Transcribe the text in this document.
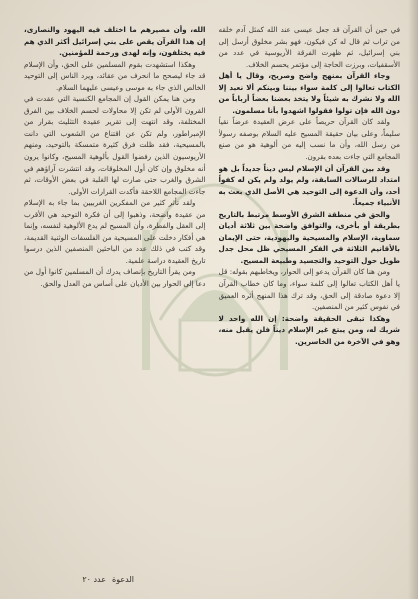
في حين أن القرآن قد جعل عيسى عند الله كمثل آدم خلقه من تراب ثم قال له كن فيكون، فهو بشر مخلوق أرسل إلى بني إسرائيل، ثم ظهرت الفرقة الأريوسية في عدد من الأسقفيات، وبرزت الحاجة إلى مؤتمر يحسم الخلاف.

وجاء القرآن بمنهج واضح وصريح، وقال يا أهل الكتاب تعالوا إلى كلمة سواء بيننا وبينكم ألا نعبد إلا الله ولا نشرك به شيئاً ولا يتخذ بعضنا بعضاً أرباباً من دون الله فإن تولوا فقولوا اشهدوا بأنا مسلمون.

ولقد كان القرآن حريصاً على عرض العقيدة عرضاً نقياً سليماً، وعلى بيان حقيقة المسيح عليه السلام بوصفه رسولاً من رسل الله، وأن ما نسب إليه من ألوهية هو من صنع المجامع التي جاءت بعده بقرون.

وقد بين القرآن أن الإسلام ليس ديناً جديداً بل هو امتداد للرسالات السابقة، ولم يولد ولم يكن له كفواً أحد، وأن الدعوة إلى التوحيد هي الأصل الذي بعث به الأنبياء جميعاً.

والحق في منطقة الشرق الأوسط مرتبط بالتاريخ بطريقة أو بأخرى، والتوافق واضحة بين ثلاثة أديان سماوية، الإسلام والمسيحية واليهودية، حتى الإيمان بالأقانيم الثلاثة في الفكر المسيحي ظل محل جدل طويل حول التوحيد والتجسيد وطبيعة المسيح.

ومن هنا كان القرآن يدعو إلى الحوار، ويخاطبهم بقوله: قل يا أهل الكتاب تعالوا إلى كلمة سواء، وما كان خطاب القرآن إلا دعوة صادقة إلى الحق، وقد ترك هذا المنهج أثره العميق في نفوس كثير من المنصفين.

وهكذا تبقى الحقيقة واضحة: إن الله واحد لا شريك له، ومن يبتغ غير الإسلام ديناً فلن يقبل منه، وهو في الآخرة من الخاسرين.

الله، وأن مصيرهم ما اختلف فيه اليهود والنصارى، إن هذا القرآن يقص على بني إسرائيل أكثر الذي هم فيه يختلفون، وإنه لهدى ورحمة للمؤمنين.

وهكذا استشهدت بقوم المسلمين على الحق، وأن الإسلام قد جاء ليصحح ما انحرف من عقائد، ويرد الناس إلى التوحيد الخالص الذي جاء به موسى وعيسى عليهما السلام.

ومن هنا يمكن القول إن المجامع الكنسية التي عقدت في القرون الأولى لم تكن إلا محاولات لحسم الخلاف بين الفرق المختلفة، وقد انتهت إلى تقرير عقيدة التثليث بقرار من الإمبراطور، ولم تكن عن اقتناع من الشعوب التي دانت بالمسيحية، فقد ظلت فرق كثيرة متمسكة بالتوحيد، ومنهم الأريوسيون الذين رفضوا القول بألوهية المسيح، وكانوا يرون أنه مخلوق وإن كان أول المخلوقات، وقد انتشرت آراؤهم في الشرق والغرب حتى صارت لها الغلبة في بعض الأوقات، ثم جاءت المجامع اللاحقة فأكدت القرارات الأولى.

ولقد تأثر كثير من المفكرين الغربيين بما جاء به الإسلام من عقيدة واضحة، وذهبوا إلى أن فكرة التوحيد هي الأقرب إلى العقل والفطرة، وأن المسيح لم يدع الألوهية لنفسه، وإنما هي أفكار دخلت على المسيحية من الفلسفات الوثنية القديمة، وقد كتب في ذلك عدد من الباحثين المنصفين الذين درسوا تاريخ العقيدة دراسة علمية.

ومن يقرأ التاريخ بإنصاف يدرك أن المسلمين كانوا أول من دعا إلى الحوار بين الأديان على أساس من العدل والحق.

الدعوة
عدد ٢٠
